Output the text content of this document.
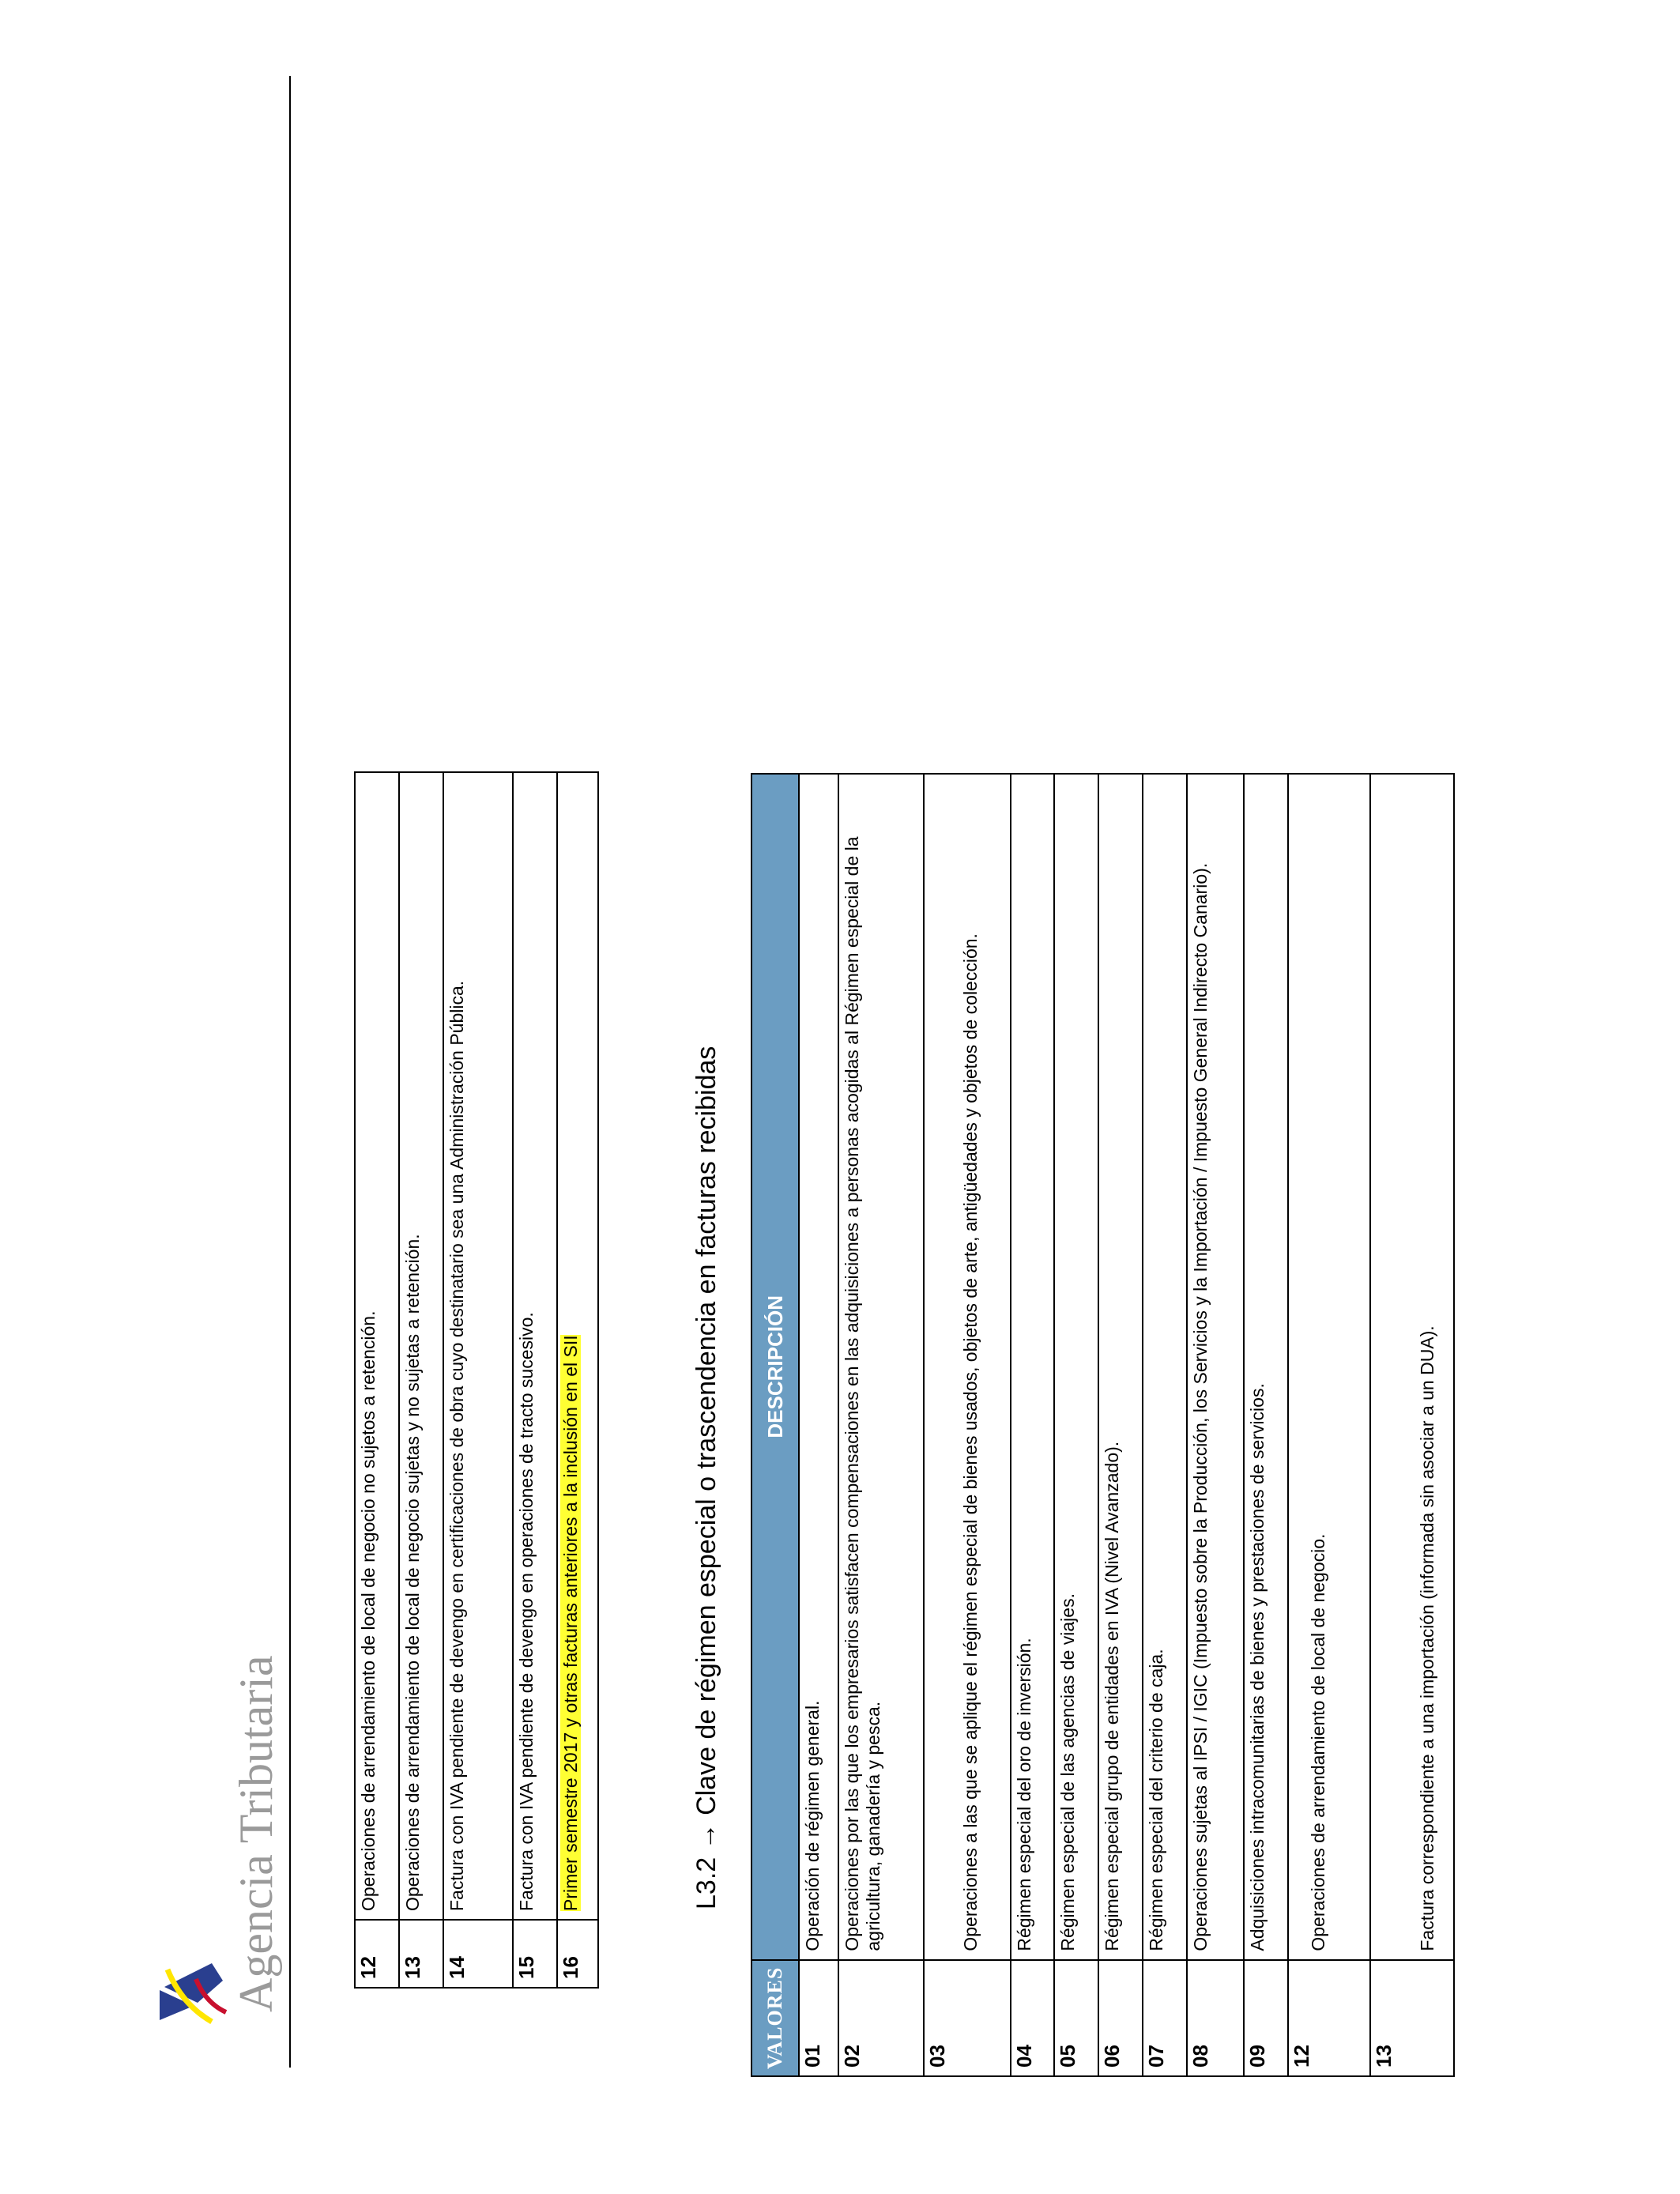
Agencia Tributaria	12	Operaciones de arrendamiento de local de negocio no sujetos a retención.
13	Operaciones de arrendamiento de local de negocio sujetas y no sujetas a retención.
14	Factura con IVA pendiente de devengo en certificaciones de obra cuyo destinatario sea una Administración Pública.
15	Factura con IVA pendiente de devengo en operaciones de tracto sucesivo.
16	Primer semestre 2017 y otras facturas anteriores a la inclusión en el SII	L3.2 → Clave de régimen especial o trascendencia en facturas recibidas
VALORES	DESCRIPCIÓN
01	Operación de régimen general.
02	Operaciones por las que los empresarios satisfacen compensaciones en las adquisiciones a personas acogidas al Régimen especial de la agricultura, ganadería y pesca.
03	Operaciones a las que se aplique el régimen especial de bienes usados, objetos de arte, antigüedades y objetos de colección.
04	Régimen especial del oro de inversión.
05	Régimen especial de las agencias de viajes.
06	Régimen especial grupo de entidades en IVA (Nivel Avanzado).
07	Régimen especial del criterio de caja.
08	Operaciones sujetas al IPSI / IGIC (Impuesto sobre la Producción, los Servicios y la Importación / Impuesto General Indirecto Canario).
09	Adquisiciones intracomunitarias de bienes y prestaciones de servicios.
12	Operaciones de arrendamiento de local de negocio.
13	Factura correspondiente a una importación (informada sin asociar a un DUA).
